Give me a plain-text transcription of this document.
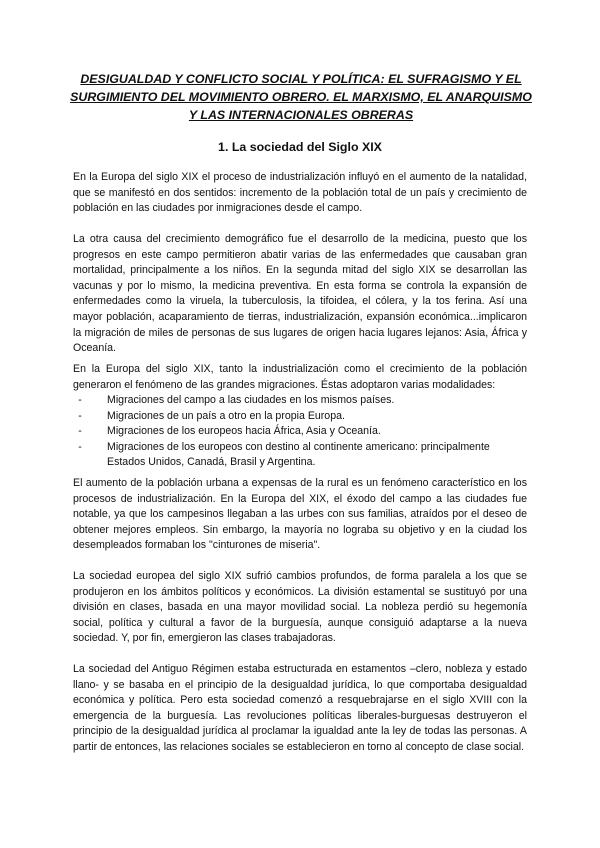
DESIGUALDAD Y CONFLICTO SOCIAL Y POLÍTICA: EL SUFRAGISMO Y EL SURGIMIENTO DEL MOVIMIENTO OBRERO. EL MARXISMO, EL ANARQUISMO Y LAS INTERNACIONALES OBRERAS
1. La sociedad del Siglo XIX

En la Europa del siglo XIX el proceso de industrialización influyó en el aumento de la natalidad, que se manifestó en dos sentidos: incremento de la población total de un país y crecimiento de población en las ciudades por inmigraciones desde el campo.

La otra causa del crecimiento demográfico fue el desarrollo de la medicina, puesto que los progresos en este campo permitieron abatir varias de las enfermedades que causaban gran mortalidad, principalmente a los niños. En la segunda mitad del siglo XIX se desarrollan las vacunas y por lo mismo, la medicina preventiva. En esta forma se controla la expansión de enfermedades como la viruela, la tuberculosis, la tifoidea, el cólera, y la tos ferina. Así una mayor población, acaparamiento de tierras, industrialización, expansión económica...implicaron la migración de miles de personas de sus lugares de origen hacia lugares lejanos: Asia, África y Oceanía.

En la Europa del siglo XIX, tanto la industrialización como el crecimiento de la población generaron el fenómeno de las grandes migraciones. Éstas adoptaron varias modalidades:

-	Migraciones del campo a las ciudades en los mismos países.
-	Migraciones de un país a otro en la propia Europa.
-	Migraciones de los europeos hacia África, Asia y Oceanía.
-	Migraciones de los europeos con destino al continente americano: principalmente Estados Unidos, Canadá, Brasil y Argentina.

El aumento de la población urbana a expensas de la rural es un fenómeno característico en los procesos de industrialización. En la Europa del XIX, el éxodo del campo a las ciudades fue notable, ya que los campesinos llegaban a las urbes con sus familias, atraídos por el deseo de obtener mejores empleos. Sin embargo, la mayoría no lograba su objetivo y en la ciudad los desempleados formaban los "cinturones de miseria".

La sociedad europea del siglo XIX sufrió cambios profundos, de forma paralela a los que se produjeron en los ámbitos políticos y económicos. La división estamental se sustituyó por una división en clases, basada en una mayor movilidad social. La nobleza perdió su hegemonía social, política y cultural a favor de la burguesía, aunque consiguió adaptarse a la nueva sociedad. Y, por fin, emergieron las clases trabajadoras.

La sociedad del Antiguo Régimen estaba estructurada en estamentos –clero, nobleza y estado llano- y se basaba en el principio de la desigualdad jurídica, lo que comportaba desigualdad económica y política. Pero esta sociedad comenzó a resquebrajarse en el siglo XVIII con la emergencia de la burguesía. Las revoluciones políticas liberales-burguesas destruyeron el principio de la desigualdad jurídica al proclamar la igualdad ante la ley de todas las personas. A partir de entonces, las relaciones sociales se establecieron en torno al concepto de clase social.
